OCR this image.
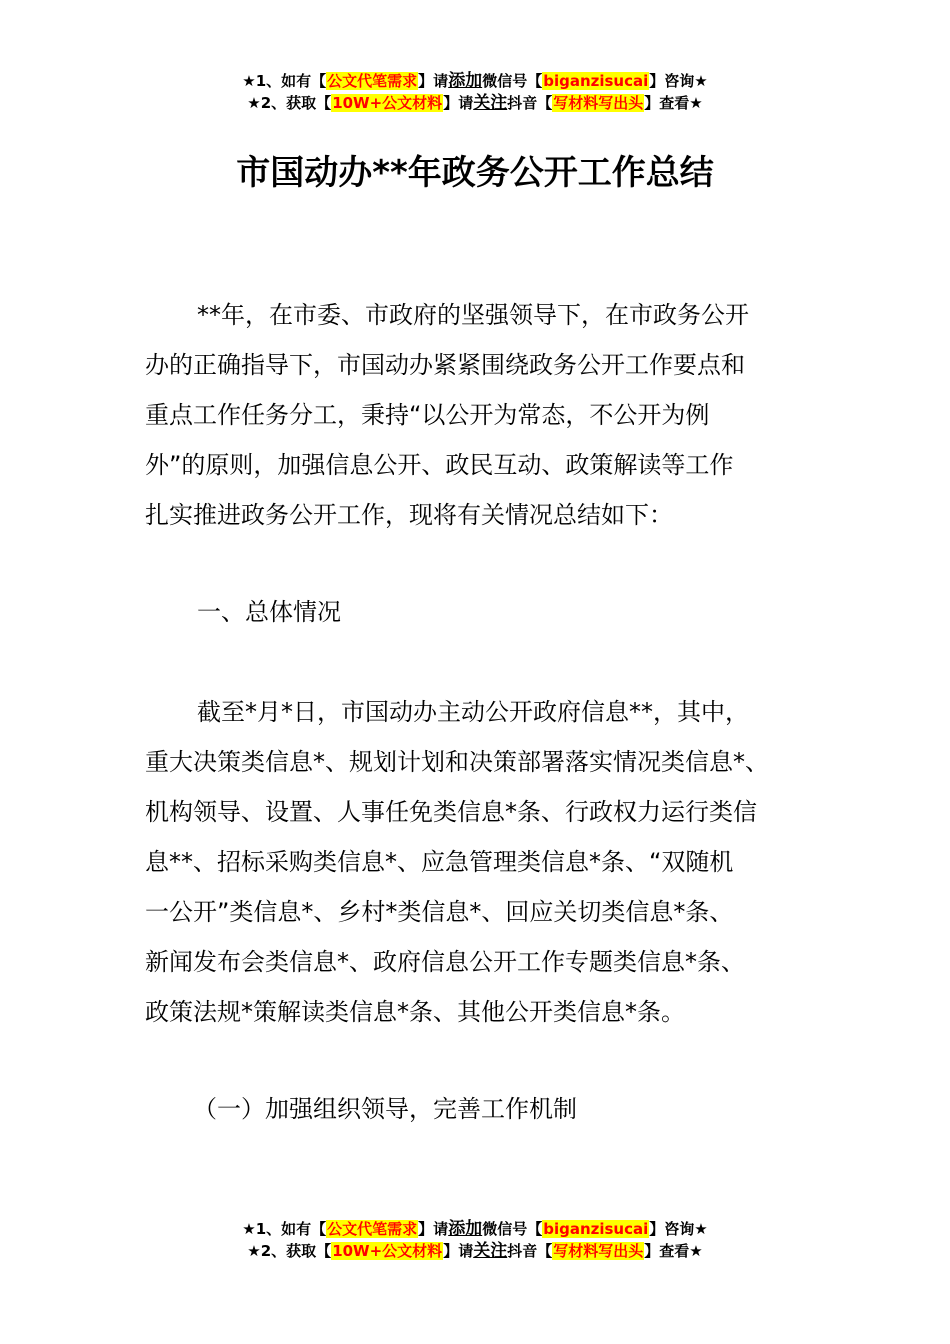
★1、如有【公文代笔需求】请添加微信号【biganzisucai】咨询★
★2、获取【10W+公文材料】请关注抖音【写材料写出头】查看★
市国动办**年政务公开工作总结

**年，在市委、市政府的坚强领导下，在市政务公开

办的正确指导下，市国动办紧紧围绕政务公开工作要点和

重点工作任务分工，秉持“以公开为常态，不公开为例

外”的原则，加强信息公开、政民互动、政策解读等工作

扎实推进政务公开工作，现将有关情况总结如下：

一、总体情况

截至*月*日，市国动办主动公开政府信息**，其中，

重大决策类信息*、规划计划和决策部署落实情况类信息*、

机构领导、设置、人事任免类信息*条、行政权力运行类信

息**、招标采购类信息*、应急管理类信息*条、“双随机

一公开”类信息*、乡村*类信息*、回应关切类信息*条、

新闻发布会类信息*、政府信息公开工作专题类信息*条、

政策法规*策解读类信息*条、其他公开类信息*条。

（一）加强组织领导，完善工作机制

★1、如有【公文代笔需求】请添加微信号【biganzisucai】咨询★
★2、获取【10W+公文材料】请关注抖音【写材料写出头】查看★
